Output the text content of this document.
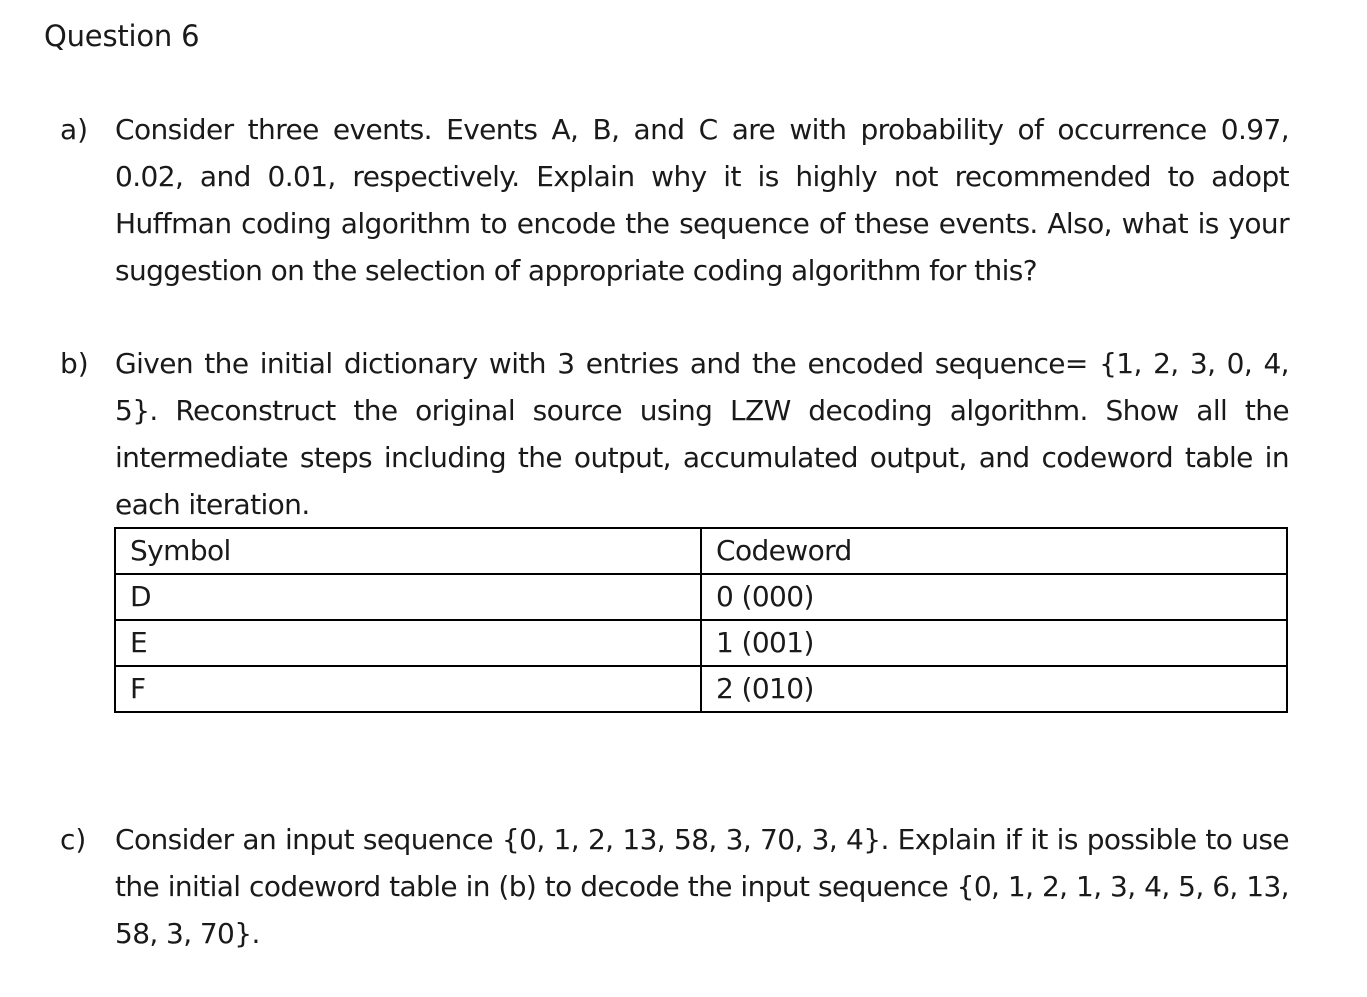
Question 6
a) Consider three events. Events A, B, and C are with probability of occurrence 0.97, 0.02, and 0.01, respectively. Explain why it is highly not recommended to adopt Huffman coding algorithm to encode the sequence of these events. Also, what is your suggestion on the selection of appropriate coding algorithm for this?
b) Given the initial dictionary with 3 entries and the encoded sequence= {1, 2, 3, 0, 4, 5}. Reconstruct the original source using LZW decoding algorithm. Show all the intermediate steps including the output, accumulated output, and codeword table in each iteration.
Symbol	Codeword
D	0 (000)
E	1 (001)
F	2 (010)
c) Consider an input sequence {0, 1, 2, 13, 58, 3, 70, 3, 4}. Explain if it is possible to use the initial codeword table in (b) to decode the input sequence {0, 1, 2, 1, 3, 4, 5, 6, 13, 58, 3, 70}.
